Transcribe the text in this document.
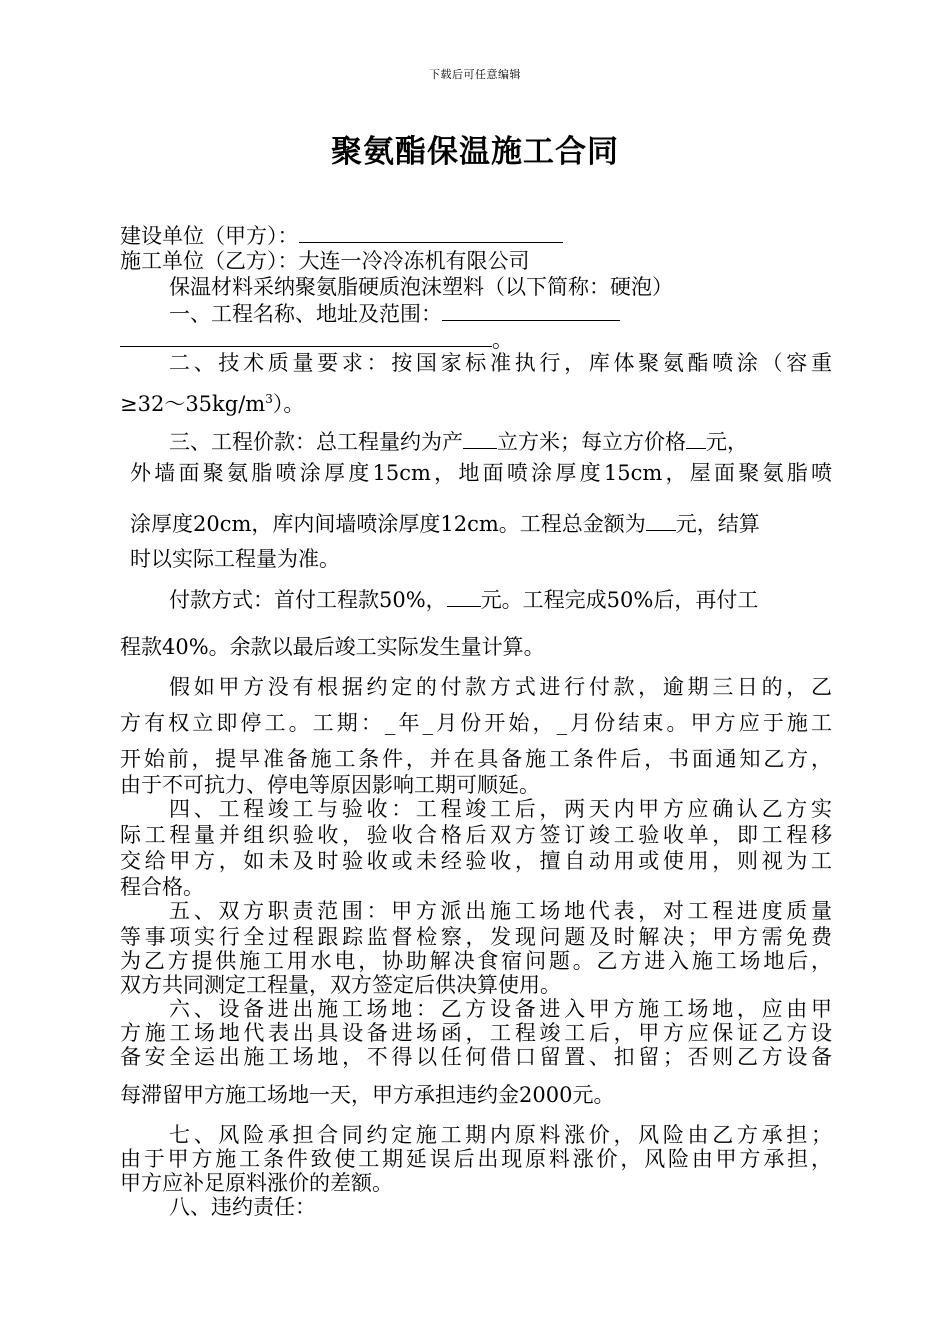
下载后可任意编辑
聚氨酯保温施工合同
建设单位（甲方）：
施工单位（乙方）：大连一冷冷冻机有限公司
保温材料采纳聚氨脂硬质泡沫塑料（以下简称：硬泡）
一、工程名称、地址及范围：
。
二、技术质量要求：按国家标准执行，库体聚氨酯喷涂（容重
$\ge 32\sim 35kg/m^3$）。
三、工程价款：总工程量约为产 立方米；每立方价格 元，
外墙面聚氨脂喷涂厚度15cm，地面喷涂厚度15cm，屋面聚氨脂喷
涂厚度20cm，库内间墙喷涂厚度12cm。工程总金额为 元，结算
时以实际工程量为准。
付款方式：首付工程款50%， 元。工程完成50%后，再付工
程款40%。余款以最后竣工实际发生量计算。
假如甲方没有根据约定的付款方式进行付款，逾期三日的，乙
方有权立即停工。工期：_年_月份开始，_月份结束。甲方应于施工
开始前，提早准备施工条件，并在具备施工条件后，书面通知乙方，
由于不可抗力、停电等原因影响工期可顺延。
四、工程竣工与验收：工程竣工后，两天内甲方应确认乙方实
际工程量并组织验收，验收合格后双方签订竣工验收单，即工程移
交给甲方，如未及时验收或未经验收，擅自动用或使用，则视为工
程合格。
五、双方职责范围：甲方派出施工场地代表，对工程进度质量
等事项实行全过程跟踪监督检察，发现问题及时解决；甲方需免费
为乙方提供施工用水电，协助解决食宿问题。乙方进入施工场地后，
双方共同测定工程量，双方签定后供决算使用。
六、设备进出施工场地：乙方设备进入甲方施工场地，应由甲
方施工场地代表出具设备进场函，工程竣工后，甲方应保证乙方设
备安全运出施工场地，不得以任何借口留置、扣留；否则乙方设备
每滞留甲方施工场地一天，甲方承担违约金2000元。
七、风险承担合同约定施工期内原料涨价，风险由乙方承担；
由于甲方施工条件致使工期延误后出现原料涨价，风险由甲方承担，
甲方应补足原料涨价的差额。
八、违约责任：
